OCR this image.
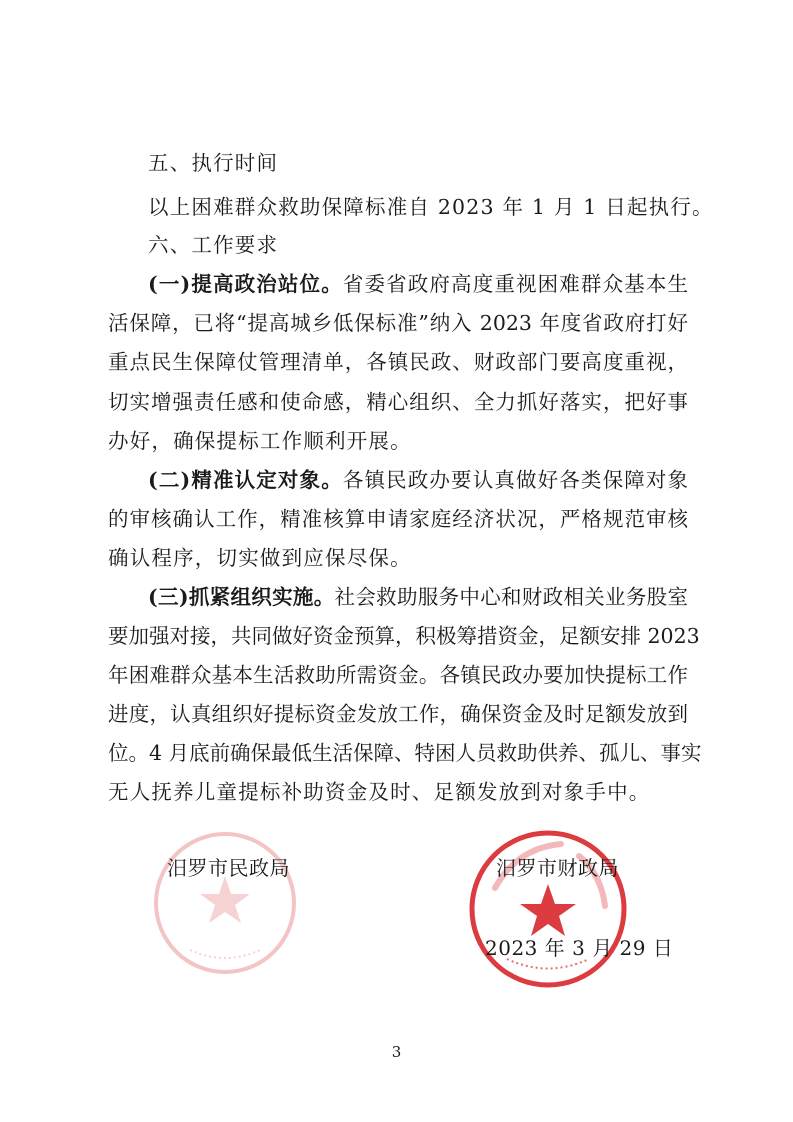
五、执行时间
以上困难群众救助保障标准自 2023 年 1 月 1 日起执行。
六、工作要求
(一)提高政治站位。省委省政府高度重视困难群众基本生
活保障，已将“提高城乡低保标准”纳入 2023 年度省政府打好
重点民生保障仗管理清单，各镇民政、财政部门要高度重视，
切实增强责任感和使命感，精心组织、全力抓好落实，把好事
办好，确保提标工作顺利开展。
(二)精准认定对象。各镇民政办要认真做好各类保障对象
的审核确认工作，精准核算申请家庭经济状况，严格规范审核
确认程序，切实做到应保尽保。
(三)抓紧组织实施。社会救助服务中心和财政相关业务股室
要加强对接，共同做好资金预算，积极筹措资金，足额安排 2023
年困难群众基本生活救助所需资金。各镇民政办要加快提标工作
进度，认真组织好提标资金发放工作，确保资金及时足额发放到
位。4 月底前确保最低生活保障、特困人员救助供养、孤儿、事实
无人抚养儿童提标补助资金及时、足额发放到对象手中。
汨罗市民政局	汨罗市财政局
2023 年 3 月 29 日
3
